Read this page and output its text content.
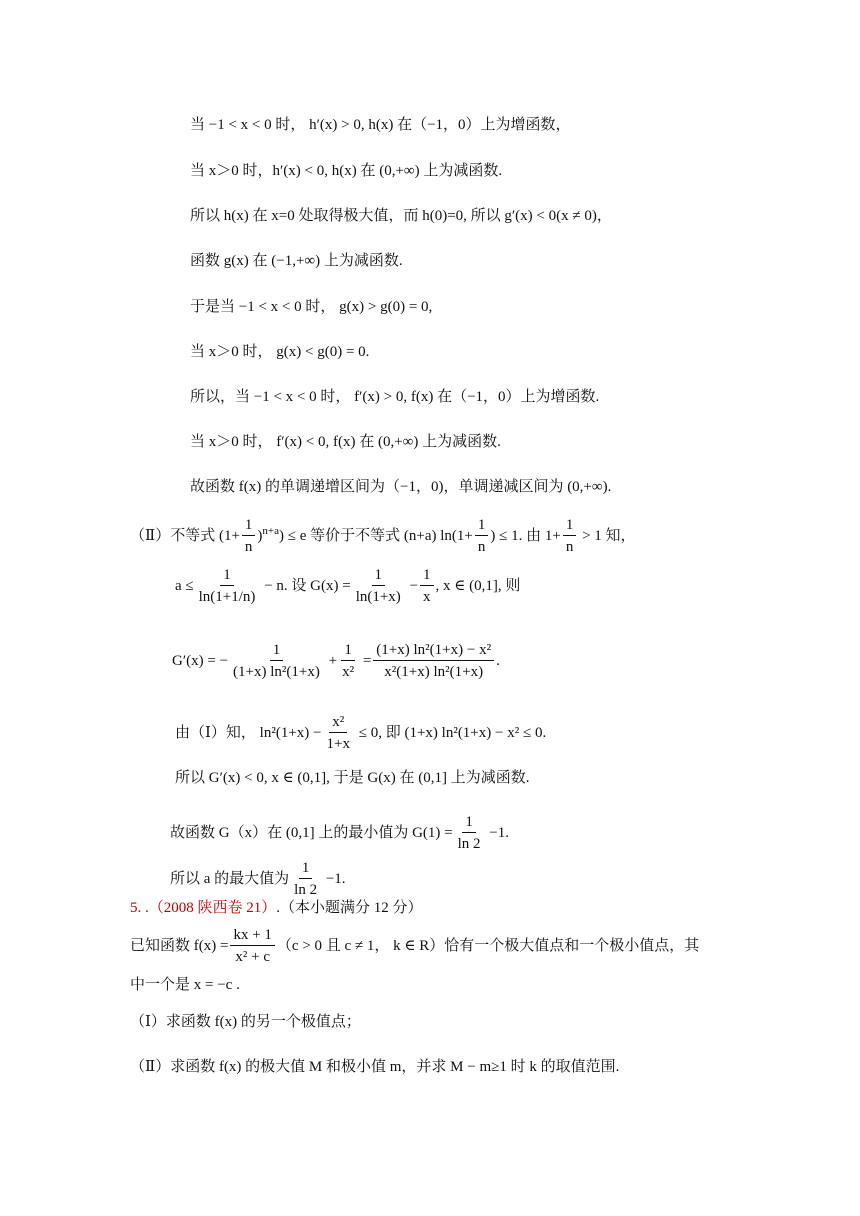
当 −1 < x < 0 时， h′(x) > 0, h(x) 在（−1，0）上为增函数，
当 x＞0 时，h′(x) < 0, h(x) 在 (0,+∞) 上为减函数.
所以 h(x) 在 x=0 处取得极大值，而 h(0)=0, 所以 g′(x) < 0(x ≠ 0)，
函数 g(x) 在 (−1,+∞) 上为减函数.
于是当 −1 < x < 0 时， g(x) > g(0) = 0,
当 x＞0 时， g(x) < g(0) = 0.
所以，当 −1 < x < 0 时， f′(x) > 0, f(x) 在（−1，0）上为增函数.
当 x＞0 时， f′(x) < 0, f(x) 在 (0,+∞) 上为减函数.
故函数 f(x) 的单调递增区间为（−1，0)，单调递减区间为 (0,+∞).
（Ⅱ）不等式 $(1+ \frac{1}{n} )^{n+a}) \le e$ 等价于不等式 (n+a) $\ln(1+ \frac{1}{n}$ ) ≤ 1. 由 $1+ \frac{1}{n} > 1$ 知，
$a \le \frac{1}{\ln(1+1/n)} - n$. 设 $G(x) = \frac{1}{\ln(1+x)} - \frac{1}{x}$ , x ∈ (0,1], 则
G′(x) = − $\frac{1}{\text{(1+x) ln²(1+x)}} + \frac{1}{\text{x²}} = \frac{\text{(1+x) ln²(1+x) − x²}}{\text{x²(1+x) ln²(1+x)}}$ .
由（Ⅰ）知， $\ln^2(1+x) - \frac{\text{x²}}{1+x} \le 0$, 即 (1+x) ln²(1+x) − x² ≤ 0.
所以 G′(x) < 0, x ∈ (0,1], 于是 G(x) 在 (0,1] 上为减函数.
故函数 G（x）在 (0,1] 上的最小值为 $G(1) = \frac{1}{\ln 2} -1$.
所以 a 的最大值为 $\frac{1}{\ln 2} -1$.
5. .（2008 陕西卷 21）.（本小题满分 12 分）
已知函数 $f(x) = \frac{kx + 1}{\text{x² + c}} (c > 0$ 且 c ≠ 1， k ∈ R）恰有一个极大值点和一个极小值点，其
中一个是 x = −c .
（Ⅰ）求函数 f(x) 的另一个极值点；
（Ⅱ）求函数 f(x) 的极大值 M 和极小值 m，并求 M − m≥1 时 k 的取值范围.
